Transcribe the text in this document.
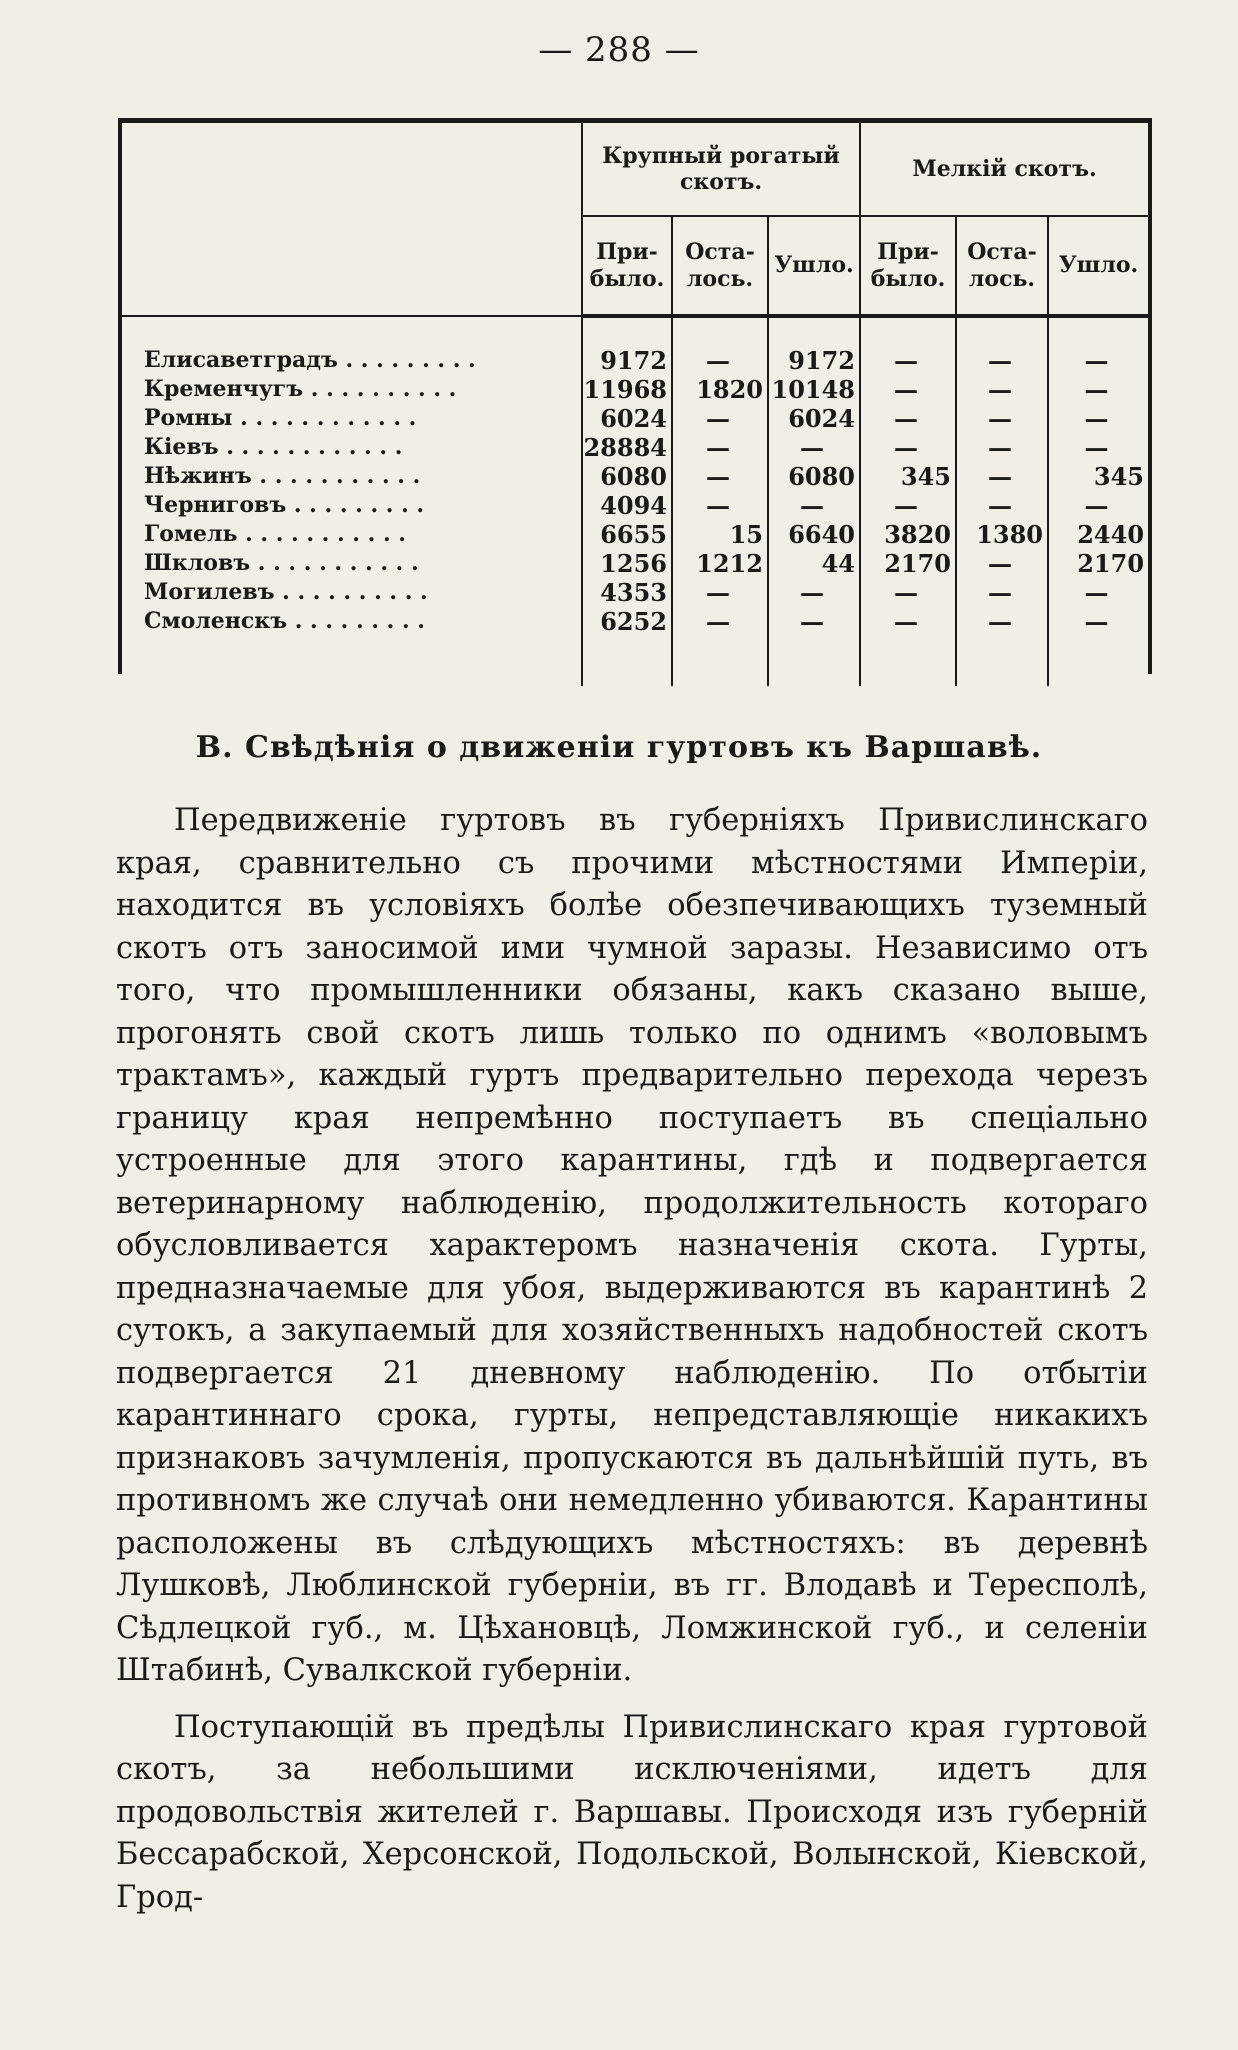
— 288 —
	Крупный рогатый скотъ.			Мелкій скотъ.		
	При-было.	Оста-лось.	Ушло.	При-было.	Оста-лось.	Ушло.
Елисаветградъ . . . . . . . . .	9172	—	9172	—	—	—
Кременчугъ . . . . . . . . . .	11968	1820	10148	—	—	—
Ромны . . . . . . . . . . . .	6024	—	6024	—	—	—
Кіевъ . . . . . . . . . . . .	28884	—	—	—	—	—
Нѣжинъ . . . . . . . . . . .	6080	—	6080	345	—	345
Черниговъ . . . . . . . . .	4094	—	—	—	—	—
Гомель . . . . . . . . . . .	6655	15	6640	3820	1380	2440
Шкловъ . . . . . . . . . . .	1256	1212	44	2170	—	2170
Могилевъ . . . . . . . . . .	4353	—	—	—	—	—
Смоленскъ . . . . . . . . .	6252	—	—	—	—	—

В. Свѣдѣнія о движеніи гуртовъ къ Варшавѣ.

Передвиженіе гуртовъ въ губерніяхъ Привислинскаго края, сравнительно съ прочими мѣстностями Имперіи, находится въ условіяхъ болѣе обезпечивающихъ туземный скотъ отъ заносимой ими чумной заразы. Независимо отъ того, что промышленники обязаны, какъ сказано выше, прогонять свой скотъ лишь только по однимъ «воловымъ трактамъ», каждый гуртъ предварительно перехода черезъ границу края непремѣнно поступаетъ въ спеціально устроенные для этого карантины, гдѣ и подвергается ветеринарному наблюденію, продолжительность котораго обусловливается характеромъ назначенія скота. Гурты, предназначаемые для убоя, выдерживаются въ карантинѣ 2 сутокъ, а закупаемый для хозяйственныхъ надобностей скотъ подвергается 21 дневному наблюденію. По отбытіи карантиннаго срока, гурты, непредставляющіе никакихъ признаковъ зачумленія, пропускаются въ дальнѣйшій путь, въ противномъ же случаѣ они немедленно убиваются. Карантины расположены въ слѣдующихъ мѣстностяхъ: въ деревнѣ Лушковѣ, Люблинской губерніи, въ гг. Влодавѣ и Тересполѣ, Сѣдлецкой губ., м. Цѣхановцѣ, Ломжинской губ., и селеніи Штабинѣ, Сувалкской губерніи.

Поступающій въ предѣлы Привислинскаго края гуртовой скотъ, за небольшими исключеніями, идетъ для продовольствія жителей г. Варшавы. Происходя изъ губерній Бессарабской, Херсонской, Подольской, Волынской, Кіевской, Грод-
